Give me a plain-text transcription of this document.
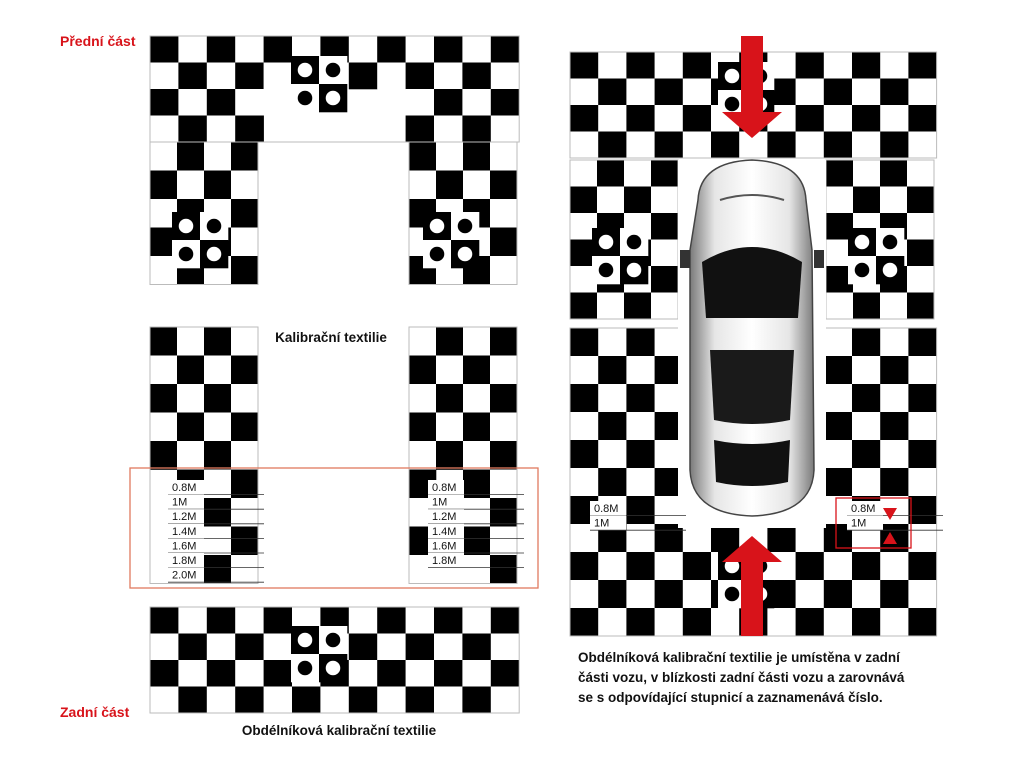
0.8M
1M
1.2M
1.4M
1.6M
1.8M
2.0M
0.8M
1M
1.2M
1.4M
1.6M
1.8M
0.8M
1M
0.8M
1M
Přední část
Zadní část
Kalibrační textilie
Obdélníková kalibrační textilie
Obdélníková kalibrační textilie je umístěna v zadní
části vozu, v blízkosti zadní části vozu a zarovnává
se s odpovídající stupnicí a zaznamenává číslo.
